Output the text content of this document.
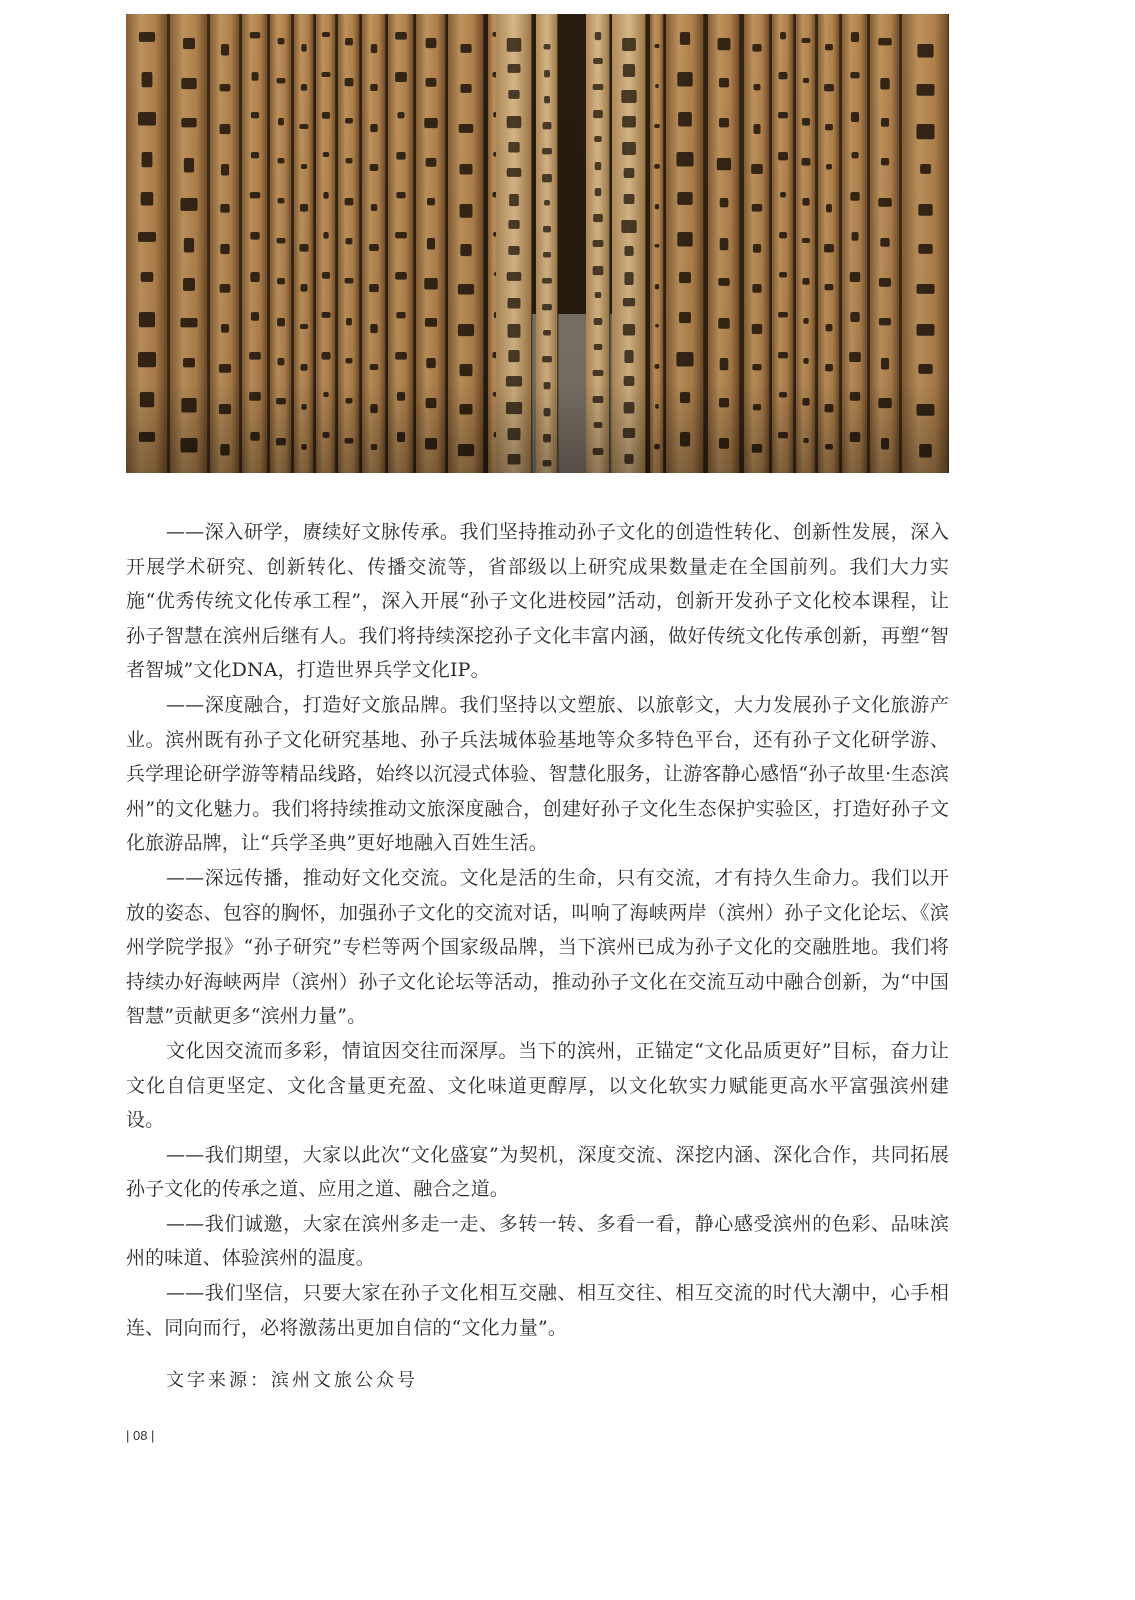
——深入研学，赓续好文脉传承。我们坚持推动孙子文化的创造性转化、创新性发展，深入开展学术研究、创新转化、传播交流等，省部级以上研究成果数量走在全国前列。我们大力实施“优秀传统文化传承工程”，深入开展“孙子文化进校园”活动，创新开发孙子文化校本课程，让孙子智慧在滨州后继有人。我们将持续深挖孙子文化丰富内涵，做好传统文化传承创新，再塑“智者智城”文化DNA，打造世界兵学文化IP。

——深度融合，打造好文旅品牌。我们坚持以文塑旅、以旅彰文，大力发展孙子文化旅游产业。滨州既有孙子文化研究基地、孙子兵法城体验基地等众多特色平台，还有孙子文化研学游、兵学理论研学游等精品线路，始终以沉浸式体验、智慧化服务，让游客静心感悟“孙子故里·生态滨州”的文化魅力。我们将持续推动文旅深度融合，创建好孙子文化生态保护实验区，打造好孙子文化旅游品牌，让“兵学圣典”更好地融入百姓生活。

——深远传播，推动好文化交流。文化是活的生命，只有交流，才有持久生命力。我们以开放的姿态、包容的胸怀，加强孙子文化的交流对话，叫响了海峡两岸（滨州）孙子文化论坛、《滨州学院学报》“孙子研究”专栏等两个国家级品牌，当下滨州已成为孙子文化的交融胜地。我们将持续办好海峡两岸（滨州）孙子文化论坛等活动，推动孙子文化在交流互动中融合创新，为“中国智慧”贡献更多“滨州力量”。

文化因交流而多彩，情谊因交往而深厚。当下的滨州，正锚定“文化品质更好”目标，奋力让文化自信更坚定、文化含量更充盈、文化味道更醇厚，以文化软实力赋能更高水平富强滨州建设。

——我们期望，大家以此次“文化盛宴”为契机，深度交流、深挖内涵、深化合作，共同拓展孙子文化的传承之道、应用之道、融合之道。

——我们诚邀，大家在滨州多走一走、多转一转、多看一看，静心感受滨州的色彩、品味滨州的味道、体验滨州的温度。

——我们坚信，只要大家在孙子文化相互交融、相互交往、相互交流的时代大潮中，心手相连、同向而行，必将激荡出更加自信的“文化力量”。

文字来源：滨州文旅公众号
| 08 |
